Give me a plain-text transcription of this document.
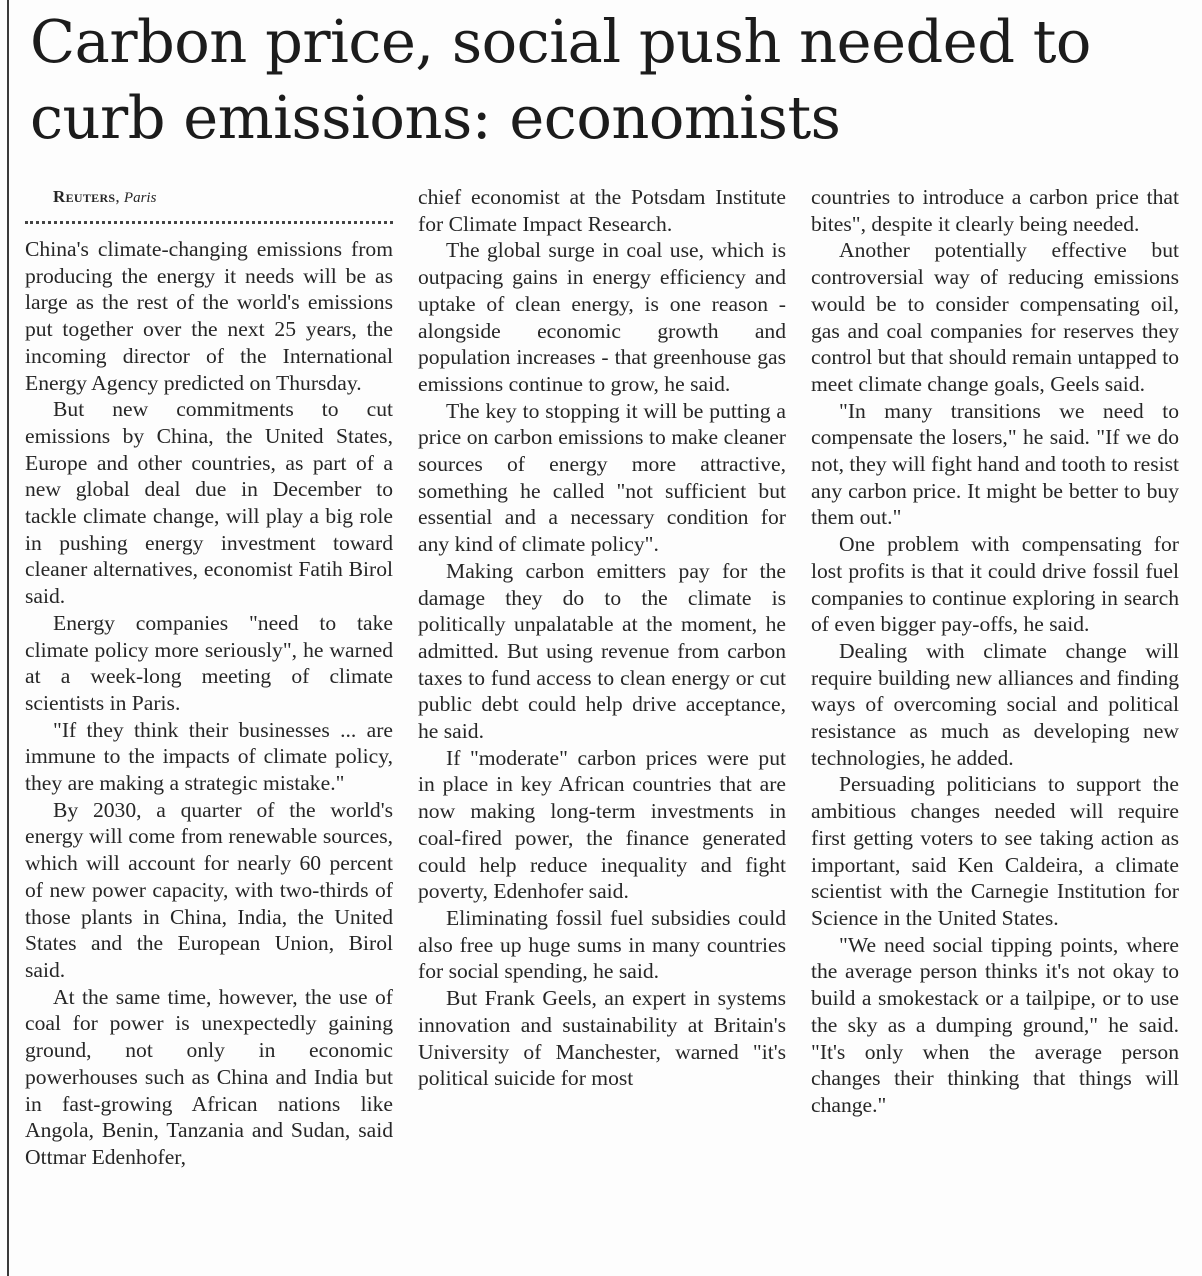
Carbon price, social push needed to curb emissions: economists

Reuters, Paris

China's climate-changing emissions from producing the energy it needs will be as large as the rest of the world's emissions put together over the next 25 years, the incoming director of the International Energy Agency predicted on Thursday.

But new commitments to cut emissions by China, the United States, Europe and other countries, as part of a new global deal due in December to tackle climate change, will play a big role in pushing energy investment toward cleaner alternatives, economist Fatih Birol said.

Energy companies "need to take climate policy more seriously", he warned at a week-long meeting of climate scientists in Paris.

"If they think their businesses ... are immune to the impacts of climate policy, they are making a strategic mistake."

By 2030, a quarter of the world's energy will come from renewable sources, which will account for nearly 60 percent of new power capacity, with two-thirds of those plants in China, India, the United States and the European Union, Birol said.

At the same time, however, the use of coal for power is unexpectedly gaining ground, not only in economic powerhouses such as China and India but in fast-growing African nations like Angola, Benin, Tanzania and Sudan, said Ottmar Edenhofer,

chief economist at the Potsdam Institute for Climate Impact Research.

The global surge in coal use, which is outpacing gains in energy efficiency and uptake of clean energy, is one reason - alongside economic growth and population increases - that greenhouse gas emissions continue to grow, he said.

The key to stopping it will be putting a price on carbon emissions to make cleaner sources of energy more attractive, something he called "not sufficient but essential and a necessary condition for any kind of climate policy".

Making carbon emitters pay for the damage they do to the climate is politically unpalatable at the moment, he admitted. But using revenue from carbon taxes to fund access to clean energy or cut public debt could help drive acceptance, he said.

If "moderate" carbon prices were put in place in key African countries that are now making long-term investments in coal-fired power, the finance generated could help reduce inequality and fight poverty, Edenhofer said.

Eliminating fossil fuel subsidies could also free up huge sums in many countries for social spending, he said.

But Frank Geels, an expert in systems innovation and sustainability at Britain's University of Manchester, warned "it's political suicide for most

countries to introduce a carbon price that bites", despite it clearly being needed.

Another potentially effective but controversial way of reducing emissions would be to consider compensating oil, gas and coal companies for reserves they control but that should remain untapped to meet climate change goals, Geels said.

"In many transitions we need to compensate the losers," he said. "If we do not, they will fight hand and tooth to resist any carbon price. It might be better to buy them out."

One problem with compensating for lost profits is that it could drive fossil fuel companies to continue exploring in search of even bigger pay-offs, he said.

Dealing with climate change will require building new alliances and finding ways of overcoming social and political resistance as much as developing new technologies, he added.

Persuading politicians to support the ambitious changes needed will require first getting voters to see taking action as important, said Ken Caldeira, a climate scientist with the Carnegie Institution for Science in the United States.

"We need social tipping points, where the average person thinks it's not okay to build a smokestack or a tailpipe, or to use the sky as a dumping ground," he said. "It's only when the average person changes their thinking that things will change."
